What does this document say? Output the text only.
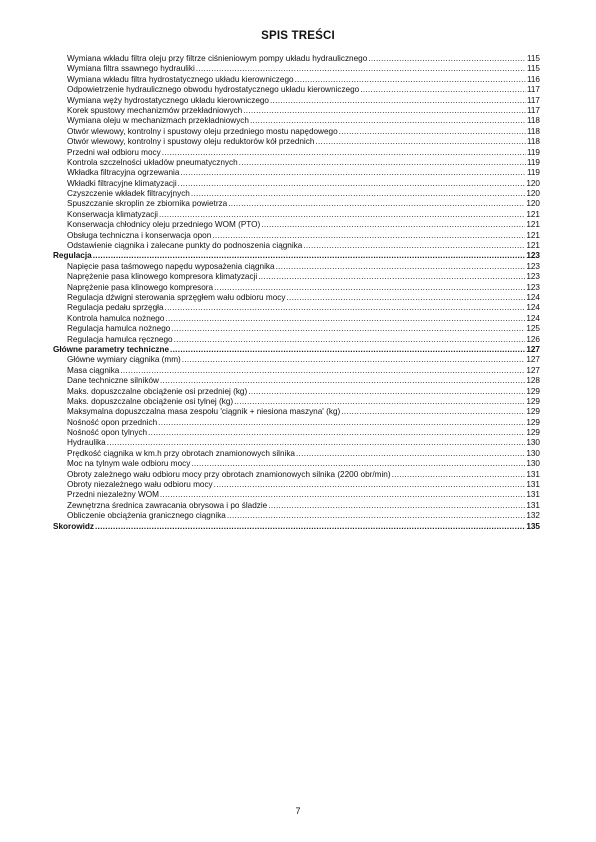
SPIS TREŚCI
Wymiana wkładu filtra oleju przy filtrze ciśnieniowym pompy układu hydraulicznego .....	115
Wymiana filtra ssawnego hydrauliki .....	115
Wymiana wkładu filtra hydrostatycznego układu kierowniczego .....	116
Odpowietrzenie hydraulicznego obwodu hydrostatycznego układu kierowniczego .....	117
Wymiana węży hydrostatycznego układu kierowniczego .....	117
Korek spustowy mechanizmów przekładniowych .....	117
Wymiana oleju w mechanizmach przekładniowych .....	118
Otwór wlewowy, kontrolny i spustowy oleju przedniego mostu napędowego .....	118
Otwór wlewowy, kontrolny i spustowy oleju reduktorów kół przednich .....	118
Przedni wał odbioru mocy .....	119
Kontrola szczelności układów pneumatycznych .....	119
Wkładka filtracyjna ogrzewania .....	119
Wkładki filtracyjne klimatyzacji .....	120
Czyszczenie wkładek filtracyjnych .....	120
Spuszczanie skroplin ze zbiornika powietrza .....	120
Konserwacja klimatyzacji .....	121
Konserwacja chłodnicy oleju przedniego WOM (PTO) .....	121
Obsługa techniczna i konserwacja opon .....	121
Odstawienie ciągnika i zalecane punkty do podnoszenia ciągnika .....	121
Regulacja .....	123
Napięcie pasa taśmowego napędu wyposażenia ciągnika .....	123
Naprężenie pasa klinowego kompresora klimatyzacji .....	123
Naprężenie pasa klinowego kompresora .....	123
Regulacja dźwigni sterowania sprzęgłem wału odbioru mocy .....	124
Regulacja pedału sprzęgła .....	124
Kontrola hamulca nożnego .....	124
Regulacja hamulca nożnego .....	125
Regulacja hamulca ręcznego .....	126
Główne parametry techniczne .....	127
Główne wymiary ciągnika (mm) .....	127
Masa ciągnika .....	127
Dane techniczne silników .....	128
Maks. dopuszczalne obciążenie osi przedniej (kg) .....	129
Maks. dopuszczalne obciążenie osi tylnej (kg) .....	129
Maksymalna dopuszczalna masa zespołu 'ciągnik + niesiona maszyna' (kg) .....	129
Nośność opon przednich .....	129
Nośność opon tylnych .....	129
Hydraulika .....	130
Prędkość ciągnika w km.h przy obrotach znamionowych silnika .....	130
Moc na tylnym wale odbioru mocy .....	130
Obroty zależnego wału odbioru mocy przy obrotach znamionowych silnika (2200 obr/min) .....	131
Obroty niezależnego wału odbioru mocy .....	131
Przedni niezależny WOM .....	131
Zewnętrzna średnica zawracania obrysowa i po śladzie .....	131
Obliczenie obciążenia granicznego ciągnika .....	132
Skorowidz .....	135
7
